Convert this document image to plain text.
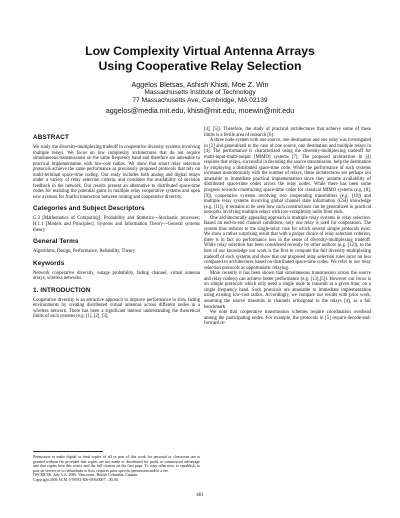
Low Complexity Virtual Antenna Arrays
Using Cooperative Relay Selection
Aggelos Bletsas, Ashish Khisti, Moe Z. Win
Massachusetts Institute of Technology
77 Massachusetts Ave, Cambridge, MA 02139
aggelos@media.mit.edu, khisti@mit.edu, moewin@mit.edu
ABSTRACT
We study the diversity-multiplexing tradeoff in cooperative diversity systems involving multiple relays. We focus on low complexity architectures that do not require simultaneous transmissions on the same frequency band and therefore are amenable to practical implementation with low-cost radios. We show that smart relay selection protocols achieve the same performance as previously proposed protocols that rely on multi-terminal space-time coding. Our study includes both analog and digital relays under a variety of relay selection criteria, and considers the availability of decision feedback in the network. Our results present an alternative to distributed space-time codes for realizing the potential gains in multiple relay cooperative systems and open new avenues for fruitful interaction between routing and cooperative diversity.
Categories and Subject Descriptors
G.3 [Mathematics of Computing]: Probability and Statistics—Stochastic processes; H.1.1 [Models and Principles]: Systems and Information Theory—General systems theory
General Terms
Algorithms, Design, Performance, Reliability, Theory
Keywords
Network cooperative diversity, outage probability, fading channel, virtual antenna arrays, wireless networks.
1. INTRODUCTION
Cooperative diversity is an attractive approach to improve performance in slow fading environments by creating distributed virtual antennas across different nodes in a wireless network. There has been a significant interest understanding the theoretical limits of such systems (e.g. [1], [2], [3],
Permission to make digital or hard copies of all or part of this work for personal or classroom use is granted without fee provided that copies are not made or distributed for profit or commercial advantage and that copies bear this notice and the full citation on the first page. To copy otherwise, to republish, to post on servers or to redistribute to lists, requires prior specific permission and/or a fee.
IWCMC'06, July 3–6, 2006, Vancouver, British Columbia, Canada.
Copyright 2006 ACM 1-59593-306-9/06/0007 ...$5.00.
[4], [5]). Therefore, the study of practical architectures that achieve some of these limits is a fertile area of research [6].
A three node system with one source, one destination and one relay was investigated in [2] and generalized to the case of one source, one destination and multiple relays in [4]. The performance is characterized using the diversity-multiplexing tradeoff for multi-input-multi-output (MIMO) systems [7]. The proposed architecture in [4] requires that relays, successful in decoding the source transmission, help the destination by employing a distributed space-time code. While the performance of such systems increases monotonically with the number of relays, these architectures are perhaps not amenable to immediate practical implementation since they assume availability of distributed space-time codes across the relay nodes. While there has been some progress towards constructing space-time codes for classical MIMO systems (e.g. [8], [9]), cooperative systems involving two cooperating transmitters (e.g. [10]) and multiple relay systems involving global channel state information (CSI) knowledge (e.g. [11]), it remains to be seen how such constructions can be generalized in practical networks involving multiple relays with low-complexity radio front ends.
One architecturally appealing approach is multiple relay systems in relay selection. Based on end-to-end channel conditions, only one relay is used for cooperation. The system thus reduces to the single-relay case for which several simple protocols exist. We show a rather surprising result that with a proper choice of relay selection criterion, there is in fact no performance loss in the sense of diversity-multiplexing tradeoff. While relay selection has been considered recently by other authors (e.g. [12]), to the best of our knowledge our work is the first to compute the full diversity-multiplexing tradeoff of such systems and show that our proposed relay selection rules incur no loss compared to architectures based on distributed space-time codes. We refer to our relay selection protocols as opportunistic relaying.
More recently it has been shown that simultaneous transmission across the source and relay node(s) can achieve better performance (e.g. [13],[5]). However our focus is on simple protocols which only need a single node to transmit at a given time; on a single frequency band. Such protocols are amenable to immediate implementation using existing low-cost radios. Accordingly, we compare our results with prior work, assuming the source transmits in channels orthogonal to the relays [4], as a fair benchmark.
We note that cooperative transmission schemes require coordination overhead among the participating nodes. For example, the protocols in [5] require decode-and-forward re-
461
